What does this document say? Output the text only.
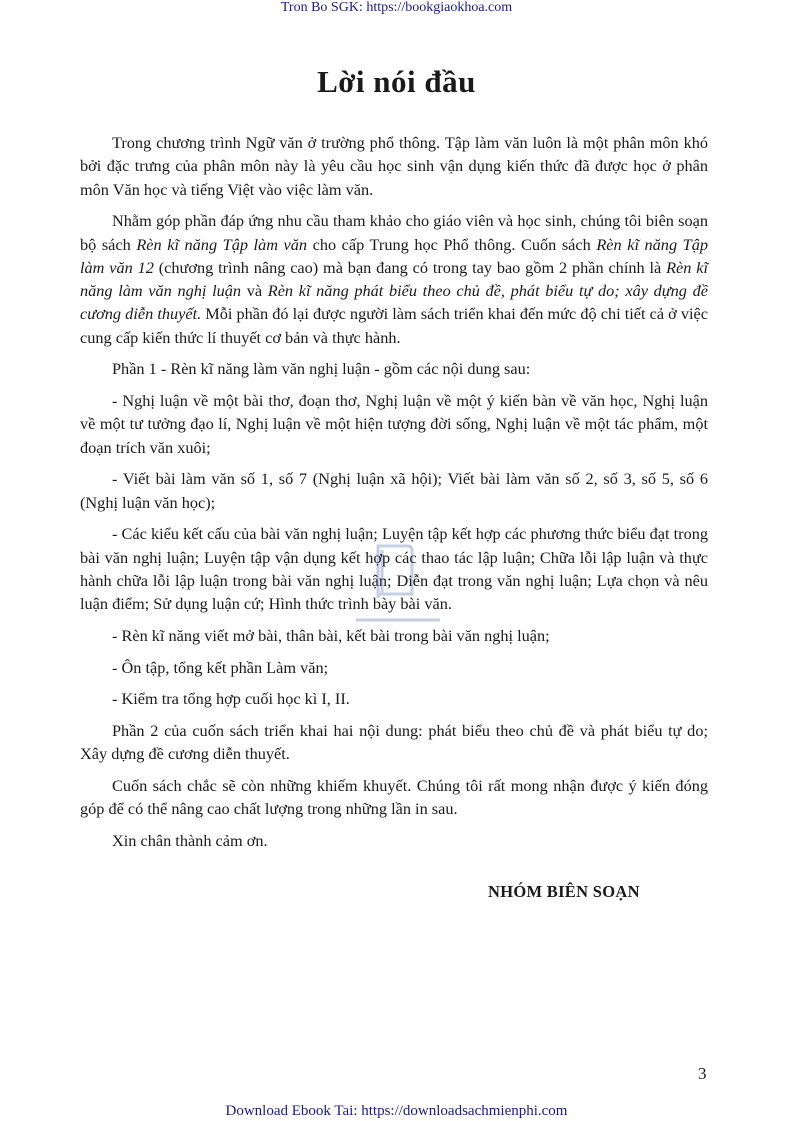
Tron Bo SGK: https://bookgiaokhoa.com
Lời nói đầu

Trong chương trình Ngữ văn ở trường phổ thông. Tập làm văn luôn là một phân môn khó bởi đặc trưng của phân môn này là yêu cầu học sinh vận dụng kiến thức đã được học ở phân môn Văn học và tiếng Việt vào việc làm văn.

Nhằm góp phần đáp ứng nhu cầu tham khảo cho giáo viên và học sinh, chúng tôi biên soạn bộ sách Rèn kĩ năng Tập làm văn cho cấp Trung học Phổ thông. Cuốn sách Rèn kĩ năng Tập làm văn 12 (chương trình nâng cao) mà bạn đang có trong tay bao gồm 2 phần chính là Rèn kĩ năng làm văn nghị luận và Rèn kĩ năng phát biểu theo chủ đề, phát biểu tự do; xây dựng đề cương diễn thuyết. Mỗi phần đó lại được người làm sách triển khai đến mức độ chi tiết cả ở việc cung cấp kiến thức lí thuyết cơ bản và thực hành.

Phần 1 - Rèn kĩ năng làm văn nghị luận - gồm các nội dung sau:

- Nghị luận về một bài thơ, đoạn thơ, Nghị luận về một ý kiến bàn về văn học, Nghị luận về một tư tưởng đạo lí, Nghị luận về một hiện tượng đời sống, Nghị luận về một tác phẩm, một đoạn trích văn xuôi;

- Viết bài làm văn số 1, số 7 (Nghị luận xã hội); Viết bài làm văn số 2, số 3, số 5, số 6 (Nghị luận văn học);

- Các kiểu kết cấu của bài văn nghị luận; Luyện tập kết hợp các phương thức biểu đạt trong bài văn nghị luận; Luyện tập vận dụng kết hợp các thao tác lập luận; Chữa lỗi lập luận và thực hành chữa lỗi lập luận trong bài văn nghị luận; Diễn đạt trong văn nghị luận; Lựa chọn và nêu luận điểm; Sử dụng luận cứ; Hình thức trình bày bài văn.

- Rèn kĩ năng viết mở bài, thân bài, kết bài trong bài văn nghị luận;

- Ôn tập, tổng kết phần Làm văn;

- Kiểm tra tổng hợp cuối học kì I, II.

Phần 2 của cuốn sách triển khai hai nội dung: phát biểu theo chủ đề và phát biểu tự do; Xây dựng đề cương diễn thuyết.

Cuốn sách chắc sẽ còn những khiếm khuyết. Chúng tôi rất mong nhận được ý kiến đóng góp để có thể nâng cao chất lượng trong những lần in sau.

Xin chân thành cảm ơn.

NHÓM BIÊN SOẠN
3
Download Ebook Tai: https://downloadsachmienphi.com
